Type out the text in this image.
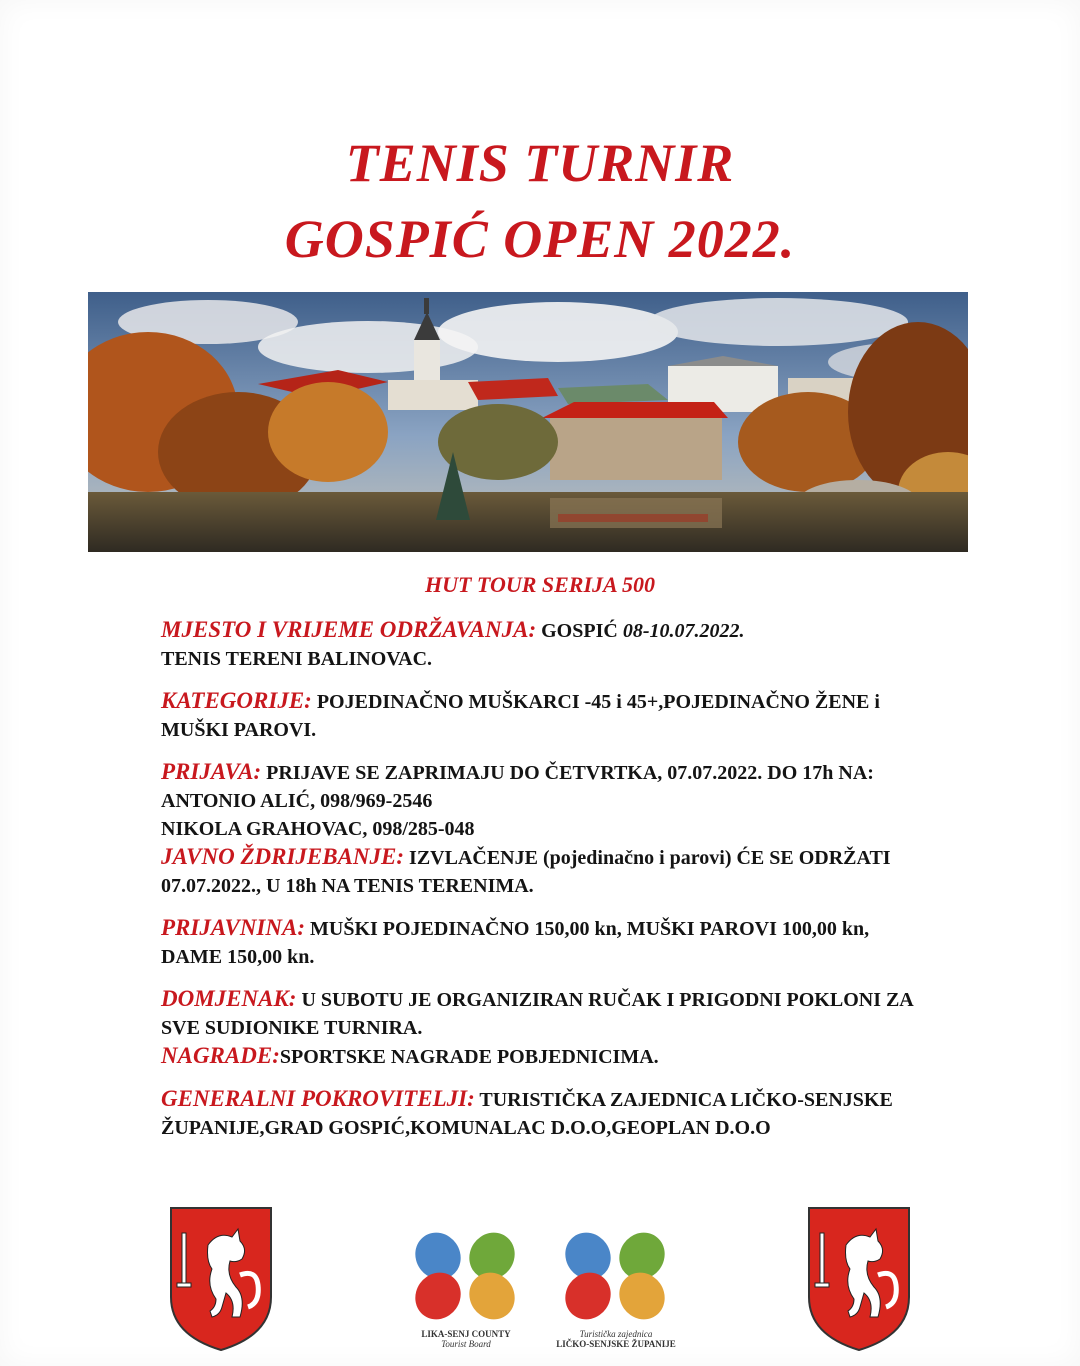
TENIS TURNIR
GOSPIĆ OPEN 2022.
HUT TOUR SERIJA 500

MJESTO I VRIJEME ODRŽAVANJA: GOSPIĆ 08-10.07.2022.

TENIS TERENI BALINOVAC.

KATEGORIJE: POJEDINAČNO MUŠKARCI -45 i 45+,POJEDINAČNO ŽENE i MUŠKI PAROVI.

PRIJAVA: PRIJAVE SE ZAPRIMAJU DO ČETVRTKA, 07.07.2022. DO 17h NA:

ANTONIO ALIĆ, 098/969-2546

NIKOLA GRAHOVAC, 098/285-048

JAVNO ŽDRIJEBANJE: IZVLAČENJE (pojedinačno i parovi) ĆE SE ODRŽATI 07.07.2022., U 18h NA TENIS TERENIMA.

PRIJAVNINA: MUŠKI POJEDINAČNO 150,00 kn, MUŠKI PAROVI 100,00 kn, DAME 150,00 kn.

DOMJENAK: U SUBOTU JE ORGANIZIRAN RUČAK I PRIGODNI POKLONI ZA SVE SUDIONIKE TURNIRA.

NAGRADE:SPORTSKE NAGRADE POBJEDNICIMA.

GENERALNI POKROVITELJI: TURISTIČKA ZAJEDNICA LIČKO-SENJSKE ŽUPANIJE,GRAD GOSPIĆ,KOMUNALAC D.O.O,GEOPLAN D.O.O

LIKA-SENJ COUNTY
Tourist Board
Turistička zajednica
LIČKO-SENJSKE ŽUPANIJE
